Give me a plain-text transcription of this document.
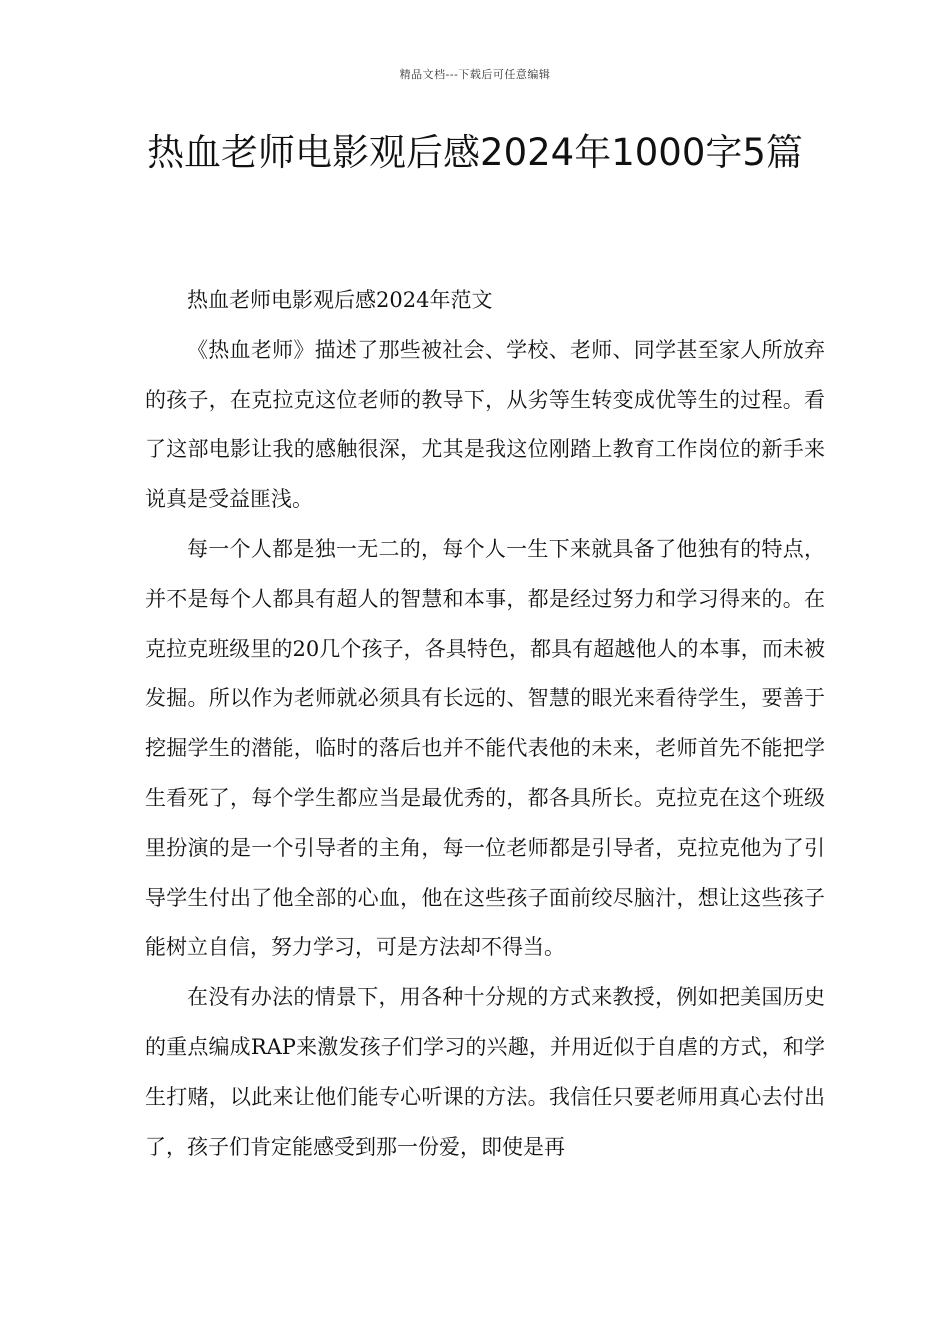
精品文档---下载后可任意编辑
热血老师电影观后感2024年1000字5篇

热血老师电影观后感2024年范文

《热血老师》描述了那些被社会、学校、老师、同学甚至家人所放弃的孩子，在克拉克这位老师的教导下，从劣等生转变成优等生的过程。看了这部电影让我的感触很深，尤其是我这位刚踏上教育工作岗位的新手来说真是受益匪浅。

每一个人都是独一无二的，每个人一生下来就具备了他独有的特点，并不是每个人都具有超人的智慧和本事，都是经过努力和学习得来的。在克拉克班级里的20几个孩子，各具特色，都具有超越他人的本事，而未被发掘。所以作为老师就必须具有长远的、智慧的眼光来看待学生，要善于挖掘学生的潜能，临时的落后也并不能代表他的未来，老师首先不能把学生看死了，每个学生都应当是最优秀的，都各具所长。克拉克在这个班级里扮演的是一个引导者的主角，每一位老师都是引导者，克拉克他为了引导学生付出了他全部的心血，他在这些孩子面前绞尽脑汁，想让这些孩子能树立自信，努力学习，可是方法却不得当。

在没有办法的情景下，用各种十分规的方式来教授，例如把美国历史的重点编成RAP来激发孩子们学习的兴趣，并用近似于自虐的方式，和学生打赌，以此来让他们能专心听课的方法。我信任只要老师用真心去付出了，孩子们肯定能感受到那一份爱，即使是再
